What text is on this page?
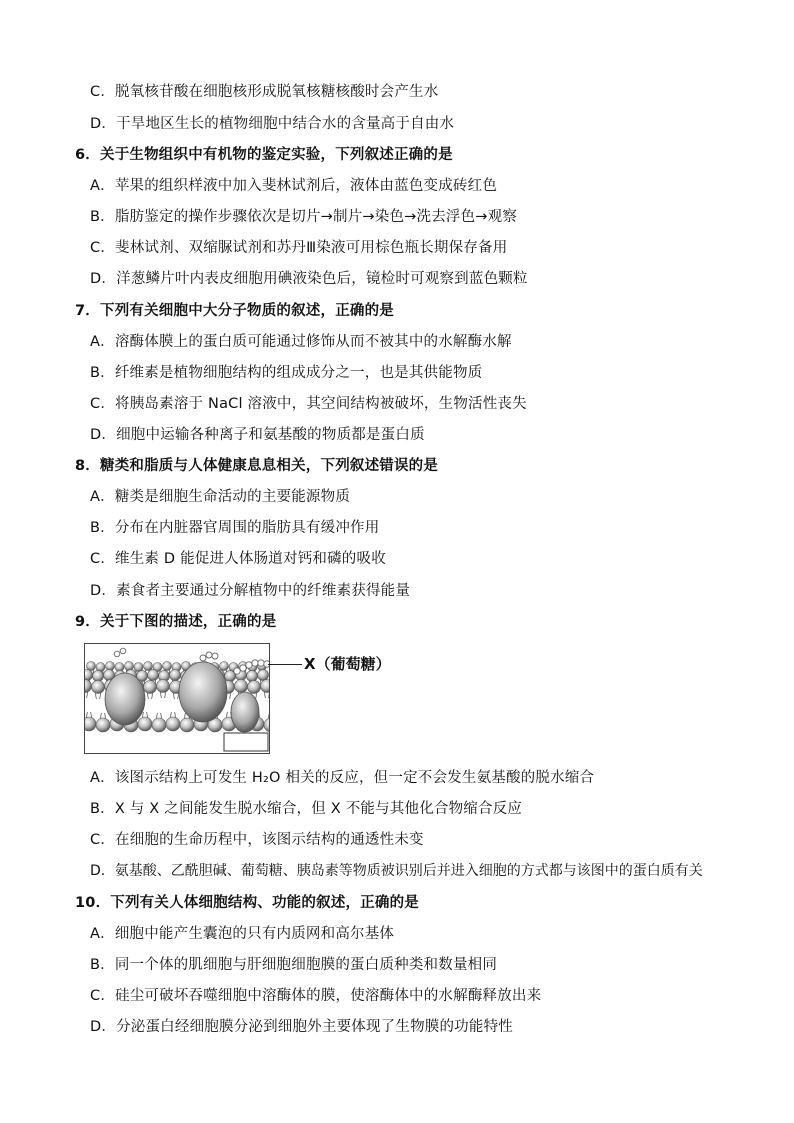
C．脱氧核苷酸在细胞核形成脱氧核糖核酸时会产生水
D．干旱地区生长的植物细胞中结合水的含量高于自由水
6．关于生物组织中有机物的鉴定实验，下列叙述正确的是
A．苹果的组织样液中加入斐林试剂后，液体由蓝色变成砖红色
B．脂肪鉴定的操作步骤依次是切片→制片→染色→洗去浮色→观察
C．斐林试剂、双缩脲试剂和苏丹Ⅲ染液可用棕色瓶长期保存备用
D．洋葱鳞片叶内表皮细胞用碘液染色后，镜检时可观察到蓝色颗粒
7．下列有关细胞中大分子物质的叙述，正确的是
A．溶酶体膜上的蛋白质可能通过修饰从而不被其中的水解酶水解
B．纤维素是植物细胞结构的组成成分之一，也是其供能物质
C．将胰岛素溶于 NaCl 溶液中，其空间结构被破坏，生物活性丧失
D．细胞中运输各种离子和氨基酸的物质都是蛋白质
8．糖类和脂质与人体健康息息相关，下列叙述错误的是
A．糖类是细胞生命活动的主要能源物质
B．分布在内脏器官周围的脂肪具有缓冲作用
C．维生素 D 能促进人体肠道对钙和磷的吸收
D．素食者主要通过分解植物中的纤维素获得能量
9．关于下图的描述，正确的是
X（葡萄糖）
A．该图示结构上可发生 H₂O 相关的反应，但一定不会发生氨基酸的脱水缩合
B．X 与 X 之间能发生脱水缩合，但 X 不能与其他化合物缩合反应
C．在细胞的生命历程中，该图示结构的通透性未变
D．氨基酸、乙酰胆碱、葡萄糖、胰岛素等物质被识别后并进入细胞的方式都与该图中的蛋白质有关
10．下列有关人体细胞结构、功能的叙述，正确的是
A．细胞中能产生囊泡的只有内质网和高尔基体
B．同一个体的肌细胞与肝细胞细胞膜的蛋白质种类和数量相同
C．硅尘可破坏吞噬细胞中溶酶体的膜，使溶酶体中的水解酶释放出来
D．分泌蛋白经细胞膜分泌到细胞外主要体现了生物膜的功能特性
